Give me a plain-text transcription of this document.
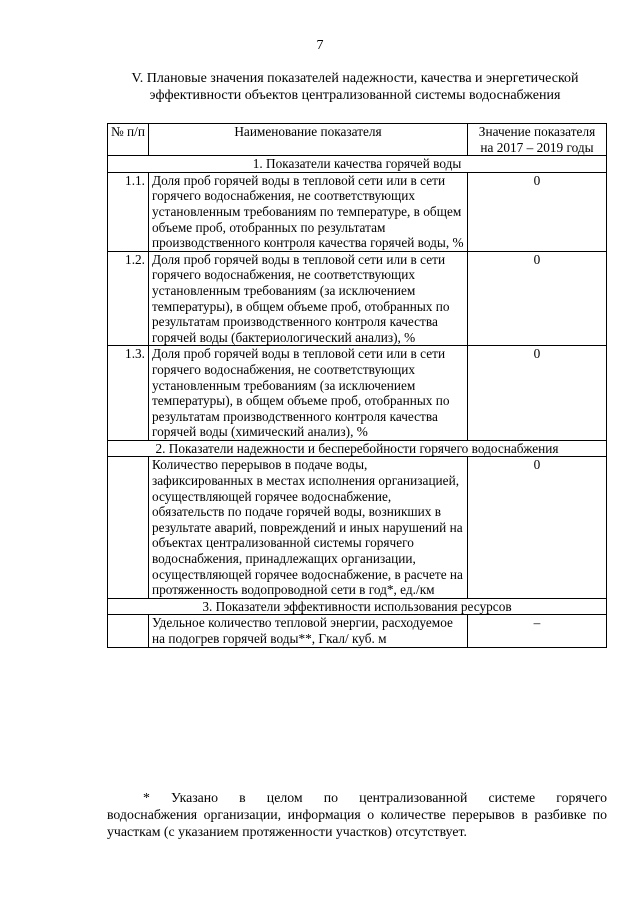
7
V. Плановые значения показателей надежности, качества и энергетической
эффективности объектов централизованной системы водоснабжения
№ п/п	Наименование показателя	Значение показателя на 2017 – 2019 годы
1. Показатели качества горячей воды		
1.1.	Доля проб горячей воды в тепловой сети или в сети горячего водоснабжения, не соответствующих установленным требованиям по температуре, в общем объеме проб, отобранных по результатам производственного контроля качества горячей воды, %	0
1.2.	Доля проб горячей воды в тепловой сети или в сети горячего водоснабжения, не соответствующих установленным требованиям (за исключением температуры), в общем объеме проб, отобранных по результатам производственного контроля качества горячей воды (бактериологический анализ), %	0
1.3.	Доля проб горячей воды в тепловой сети или в сети горячего водоснабжения, не соответствующих установленным требованиям (за исключением температуры), в общем объеме проб, отобранных по результатам производственного контроля качества горячей воды (химический анализ), %	0
2. Показатели надежности и бесперебойности горячего водоснабжения		
	Количество перерывов в подаче воды, зафиксированных в местах исполнения организацией, осуществляющей горячее водоснабжение, обязательств по подаче горячей воды, возникших в результате аварий, повреждений и иных нарушений на объектах централизованной системы горячего водоснабжения, принадлежащих организации, осуществляющей горячее водоснабжение, в расчете на протяженность водопроводной сети в год*, ед./км	0
3. Показатели эффективности использования ресурсов		
	Удельное количество тепловой энергии, расходуемое на подогрев горячей воды**, Гкал/ куб. м	–
* Указано в целом по централизованной системе горячего
водоснабжения организации, информация о количестве перерывов в разбивке по участкам (с указанием протяженности участков) отсутствует.
